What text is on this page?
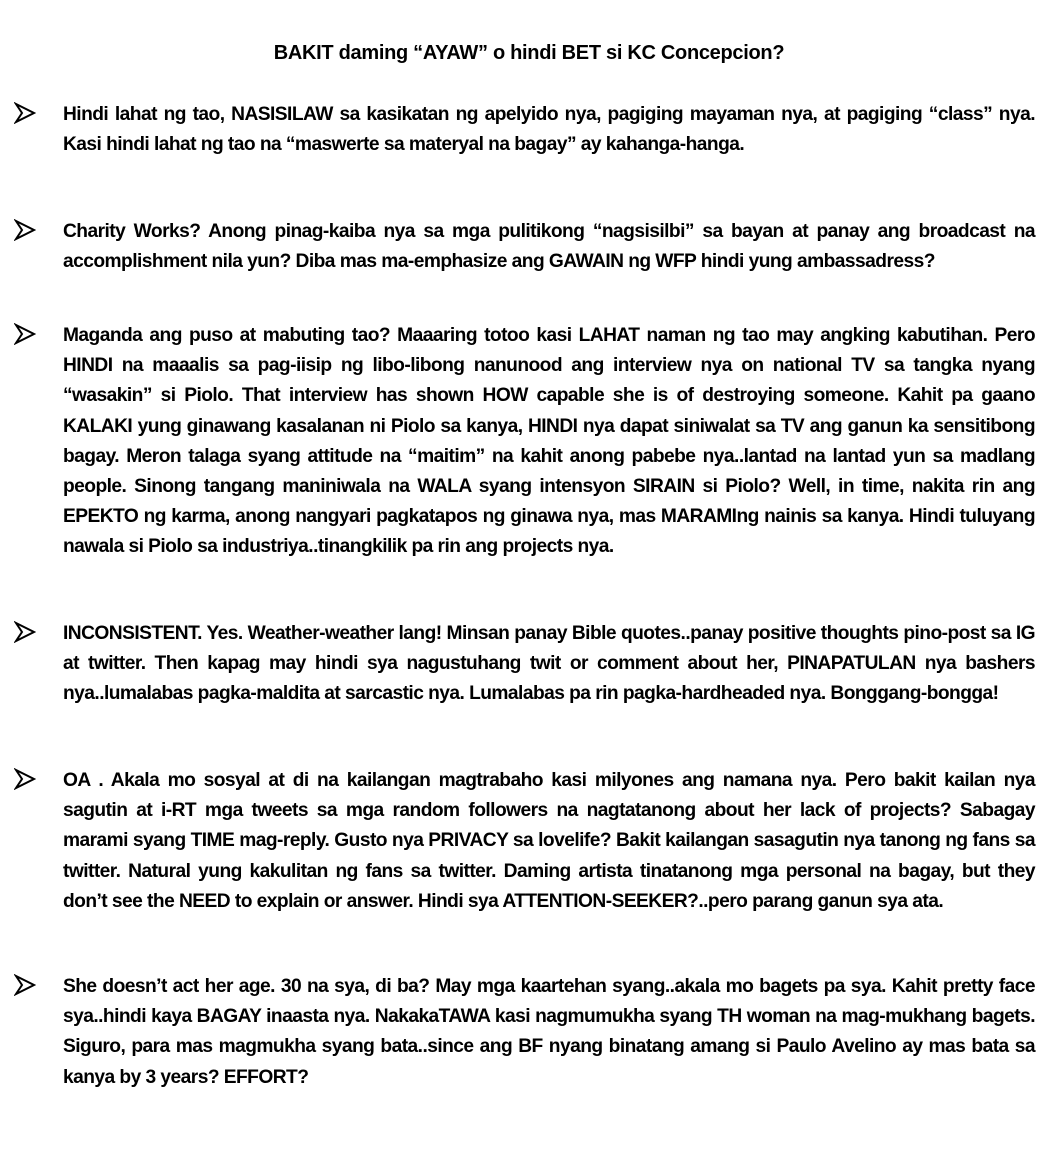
BAKIT daming “AYAW” o hindi BET si KC Concepcion?

Hindi lahat ng tao, NASISILAW sa kasikatan ng apelyido nya, pagiging mayaman nya, at pagiging “class” nya. Kasi hindi lahat ng tao na “maswerte sa materyal na bagay” ay kahanga-hanga.

Charity Works? Anong pinag-kaiba nya sa mga pulitikong “nagsisilbi” sa bayan at panay ang broadcast na accomplishment nila yun? Diba mas ma-emphasize ang GAWAIN ng WFP hindi yung ambassadress?

Maganda ang puso at mabuting tao? Maaaring totoo kasi LAHAT naman ng tao may angking kabutihan. Pero HINDI na maaalis sa pag-iisip ng libo-libong nanunood ang interview nya on national TV sa tangka nyang “wasakin” si Piolo. That interview has shown HOW capable she is of destroying someone. Kahit pa gaano KALAKI yung ginawang kasalanan ni Piolo sa kanya, HINDI nya dapat siniwalat sa TV ang ganun ka sensitibong bagay. Meron talaga syang attitude na “maitim” na kahit anong pabebe nya..lantad na lantad yun sa madlang people. Sinong tangang maniniwala na WALA syang intensyon SIRAIN si Piolo? Well, in time, nakita rin ang EPEKTO ng karma, anong nangyari pagkatapos ng ginawa nya, mas MARAMIng nainis sa kanya. Hindi tuluyang nawala si Piolo sa industriya..tinangkilik pa rin ang projects nya.

INCONSISTENT. Yes. Weather-weather lang! Minsan panay Bible quotes..panay positive thoughts pino-post sa IG at twitter. Then kapag may hindi sya nagustuhang twit or comment about her, PINAPATULAN nya bashers nya..lumalabas pagka-maldita at sarcastic nya. Lumalabas pa rin pagka-hardheaded nya. Bonggang-bongga!

OA . Akala mo sosyal at di na kailangan magtrabaho kasi milyones ang namana nya. Pero bakit kailan nya sagutin at i-RT mga tweets sa mga random followers na nagtatanong about her lack of projects? Sabagay marami syang TIME mag-reply. Gusto nya PRIVACY sa lovelife? Bakit kailangan sasagutin nya tanong ng fans sa twitter. Natural yung kakulitan ng fans sa twitter. Daming artista tinatanong mga personal na bagay, but they don’t see the NEED to explain or answer. Hindi sya ATTENTION-SEEKER?..pero parang ganun sya ata.

She doesn’t act her age. 30 na sya, di ba? May mga kaartehan syang..akala mo bagets pa sya. Kahit pretty face sya..hindi kaya BAGAY inaasta nya. NakakaTAWA kasi nagmumukha syang TH woman na mag-mukhang bagets. Siguro, para mas magmukha syang bata..since ang BF nyang binatang amang si Paulo Avelino ay mas bata sa kanya by 3 years? EFFORT?
